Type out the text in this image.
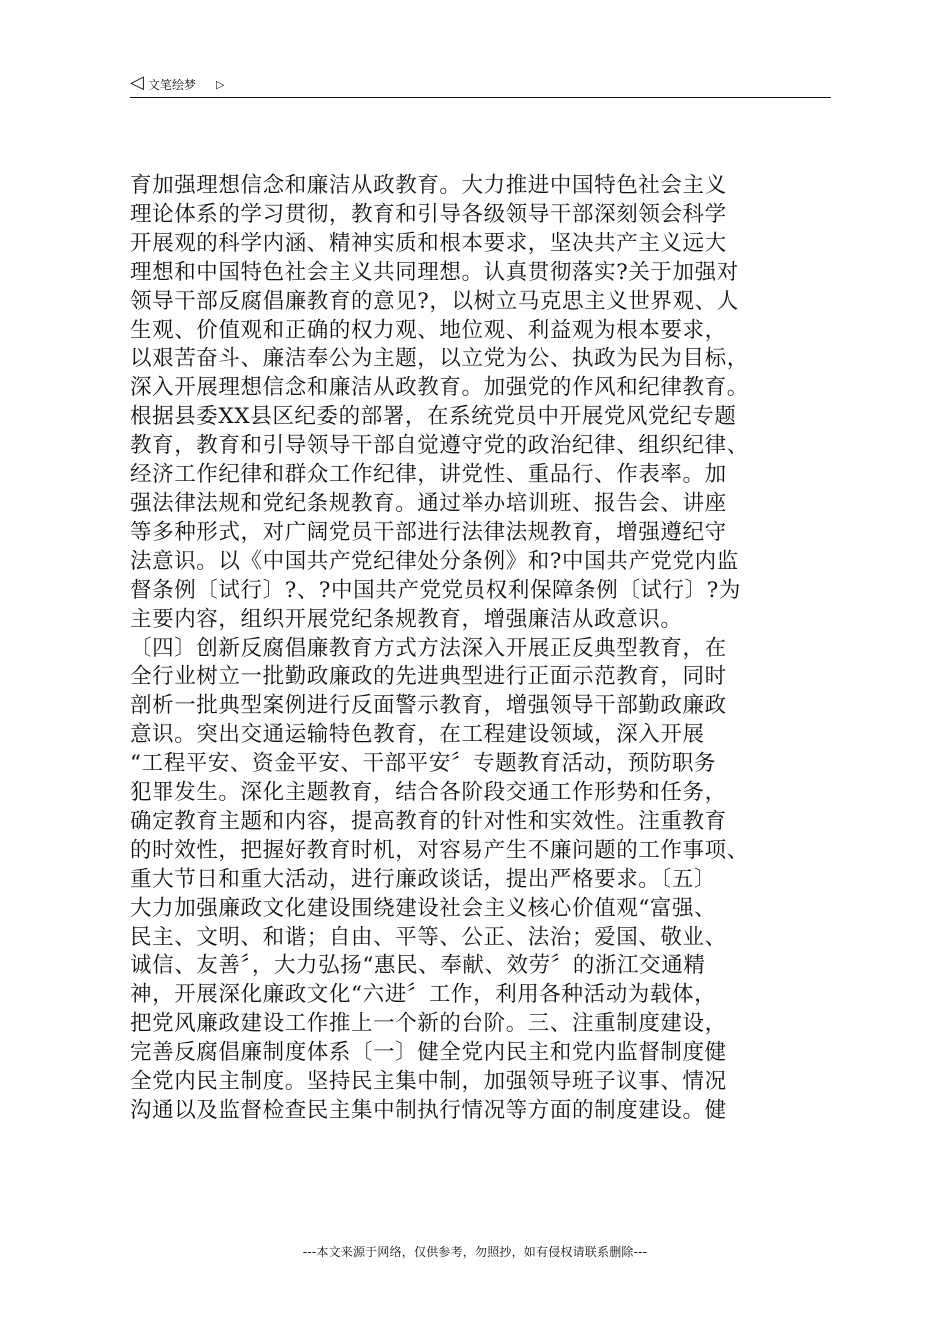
◁ 文笔绘梦 ▷
育加强理想信念和廉洁从政教育。大力推进中国特色社会主义
理论体系的学习贯彻，教育和引导各级领导干部深刻领会科学
开展观的科学内涵、精神实质和根本要求，坚决共产主义远大
理想和中国特色社会主义共同理想。认真贯彻落实?关于加强对
领导干部反腐倡廉教育的意见?，以树立马克思主义世界观、人
生观、价值观和正确的权力观、地位观、利益观为根本要求，
以艰苦奋斗、廉洁奉公为主题，以立党为公、执政为民为目标，
深入开展理想信念和廉洁从政教育。加强党的作风和纪律教育。
根据县委XX县区纪委的部署，在系统党员中开展党风党纪专题
教育，教育和引导领导干部自觉遵守党的政治纪律、组织纪律、
经济工作纪律和群众工作纪律，讲党性、重品行、作表率。加
强法律法规和党纪条规教育。通过举办培训班、报告会、讲座
等多种形式，对广阔党员干部进行法律法规教育，增强遵纪守
法意识。以《中国共产党纪律处分条例》和?中国共产党党内监
督条例〔试行〕?、?中国共产党党员权利保障条例〔试行〕?为
主要内容，组织开展党纪条规教育，增强廉洁从政意识。
〔四〕创新反腐倡廉教育方式方法深入开展正反典型教育，在
全行业树立一批勤政廉政的先进典型进行正面示范教育，同时
剖析一批典型案例进行反面警示教育，增强领导干部勤政廉政
意识。突出交通运输特色教育，在工程建设领域，深入开展
“工程平安、资金平安、干部平安〞专题教育活动，预防职务
犯罪发生。深化主题教育，结合各阶段交通工作形势和任务，
确定教育主题和内容，提高教育的针对性和实效性。注重教育
的时效性，把握好教育时机，对容易产生不廉问题的工作事项、
重大节日和重大活动，进行廉政谈话，提出严格要求。〔五〕
大力加强廉政文化建设围绕建设社会主义核心价值观“富强、
民主、文明、和谐；自由、平等、公正、法治；爱国、敬业、
诚信、友善〞，大力弘扬“惠民、奉献、效劳〞的浙江交通精
神，开展深化廉政文化“六进〞工作，利用各种活动为载体，
把党风廉政建设工作推上一个新的台阶。三、注重制度建设，
完善反腐倡廉制度体系〔一〕健全党内民主和党内监督制度健
全党内民主制度。坚持民主集中制，加强领导班子议事、情况
沟通以及监督检查民主集中制执行情况等方面的制度建设。健
---本文来源于网络，仅供参考，勿照抄，如有侵权请联系删除---
